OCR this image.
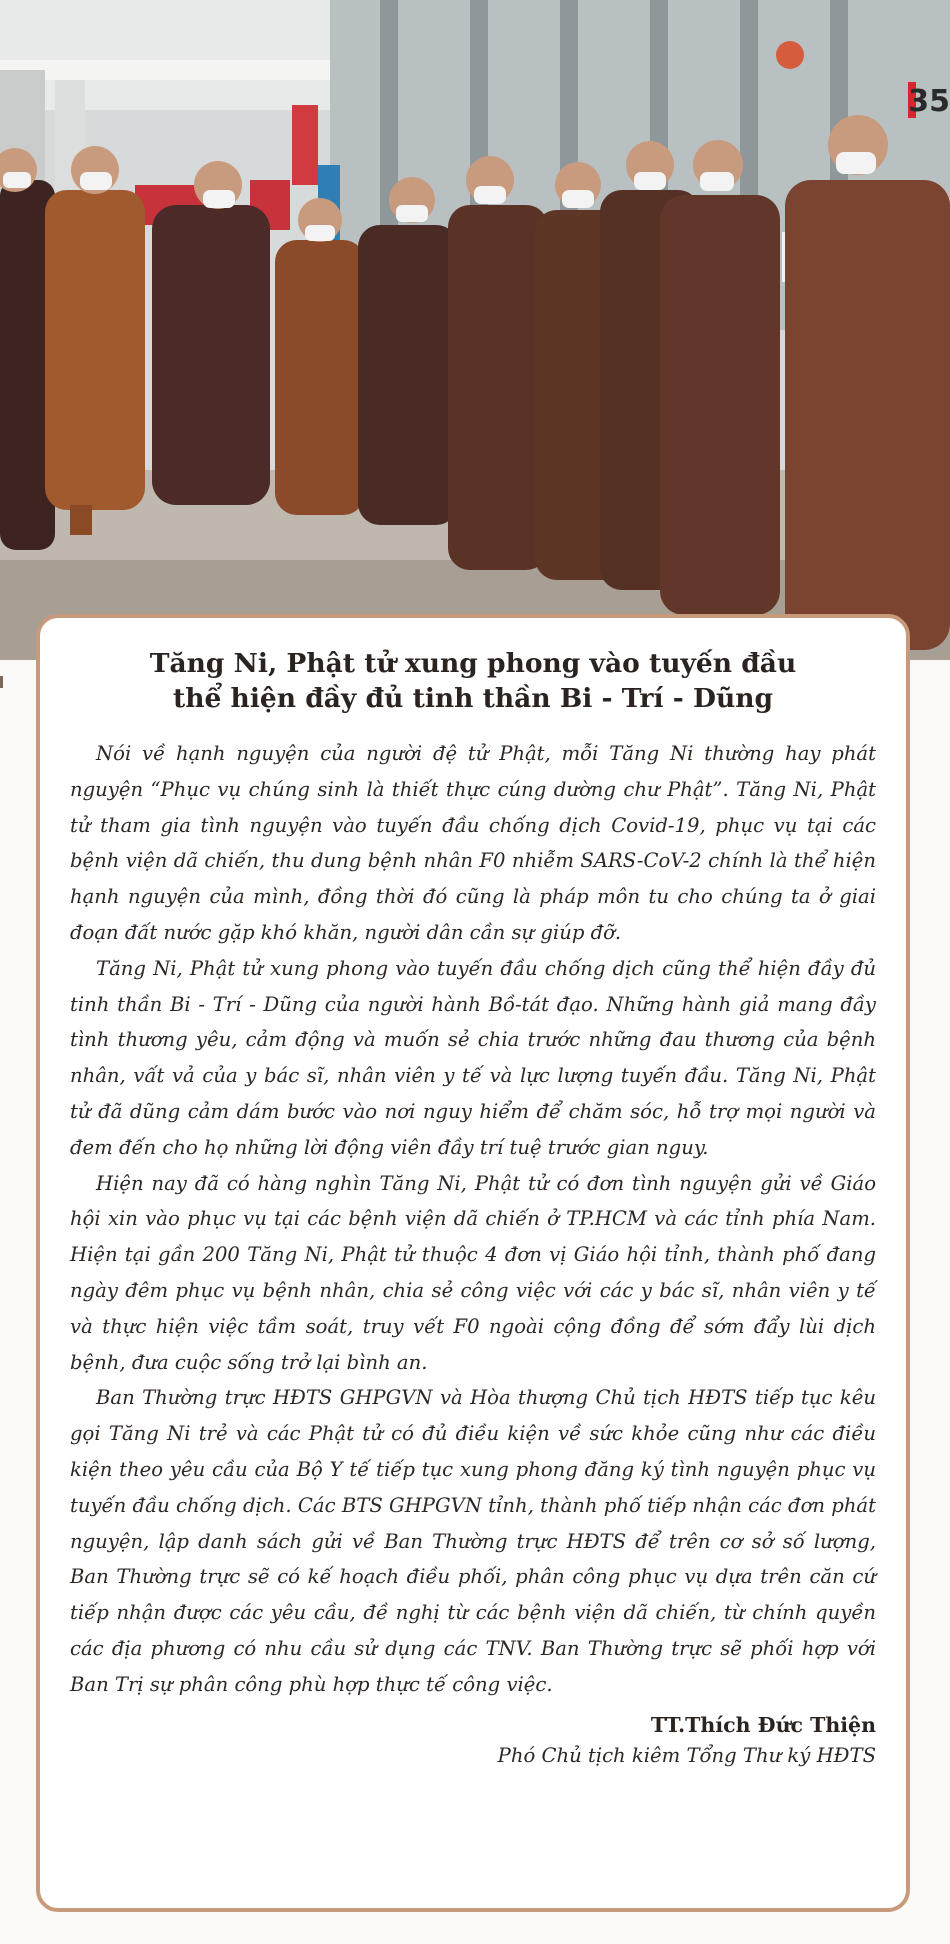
35
Tăng Ni, Phật tử xung phong vào tuyến đầu
thể hiện đầy đủ tinh thần Bi - Trí - Dũng

Nói về hạnh nguyện của người đệ tử Phật, mỗi Tăng Ni thường hay phát nguyện “Phục vụ chúng sinh là thiết thực cúng dường chư Phật”. Tăng Ni, Phật tử tham gia tình nguyện vào tuyến đầu chống dịch Covid-19, phục vụ tại các bệnh viện dã chiến, thu dung bệnh nhân F0 nhiễm SARS-CoV-2 chính là thể hiện hạnh nguyện của mình, đồng thời đó cũng là pháp môn tu cho chúng ta ở giai đoạn đất nước gặp khó khăn, người dân cần sự giúp đỡ.

Tăng Ni, Phật tử xung phong vào tuyến đầu chống dịch cũng thể hiện đầy đủ tinh thần Bi - Trí - Dũng của người hành Bồ-tát đạo. Những hành giả mang đầy tình thương yêu, cảm động và muốn sẻ chia trước những đau thương của bệnh nhân, vất vả của y bác sĩ, nhân viên y tế và lực lượng tuyến đầu. Tăng Ni, Phật tử đã dũng cảm dám bước vào nơi nguy hiểm để chăm sóc, hỗ trợ mọi người và đem đến cho họ những lời động viên đầy trí tuệ trước gian nguy.

Hiện nay đã có hàng nghìn Tăng Ni, Phật tử có đơn tình nguyện gửi về Giáo hội xin vào phục vụ tại các bệnh viện dã chiến ở TP.HCM và các tỉnh phía Nam. Hiện tại gần 200 Tăng Ni, Phật tử thuộc 4 đơn vị Giáo hội tỉnh, thành phố đang ngày đêm phục vụ bệnh nhân, chia sẻ công việc với các y bác sĩ, nhân viên y tế và thực hiện việc tầm soát, truy vết F0 ngoài cộng đồng để sớm đẩy lùi dịch bệnh, đưa cuộc sống trở lại bình an.

Ban Thường trực HĐTS GHPGVN và Hòa thượng Chủ tịch HĐTS tiếp tục kêu gọi Tăng Ni trẻ và các Phật tử có đủ điều kiện về sức khỏe cũng như các điều kiện theo yêu cầu của Bộ Y tế tiếp tục xung phong đăng ký tình nguyện phục vụ tuyến đầu chống dịch. Các BTS GHPGVN tỉnh, thành phố tiếp nhận các đơn phát nguyện, lập danh sách gửi về Ban Thường trực HĐTS để trên cơ sở số lượng, Ban Thường trực sẽ có kế hoạch điều phối, phân công phục vụ dựa trên căn cứ tiếp nhận được các yêu cầu, đề nghị từ các bệnh viện dã chiến, từ chính quyền các địa phương có nhu cầu sử dụng các TNV. Ban Thường trực sẽ phối hợp với Ban Trị sự phân công phù hợp thực tế công việc.

TT.Thích Đức Thiện
Phó Chủ tịch kiêm Tổng Thư ký HĐTS
